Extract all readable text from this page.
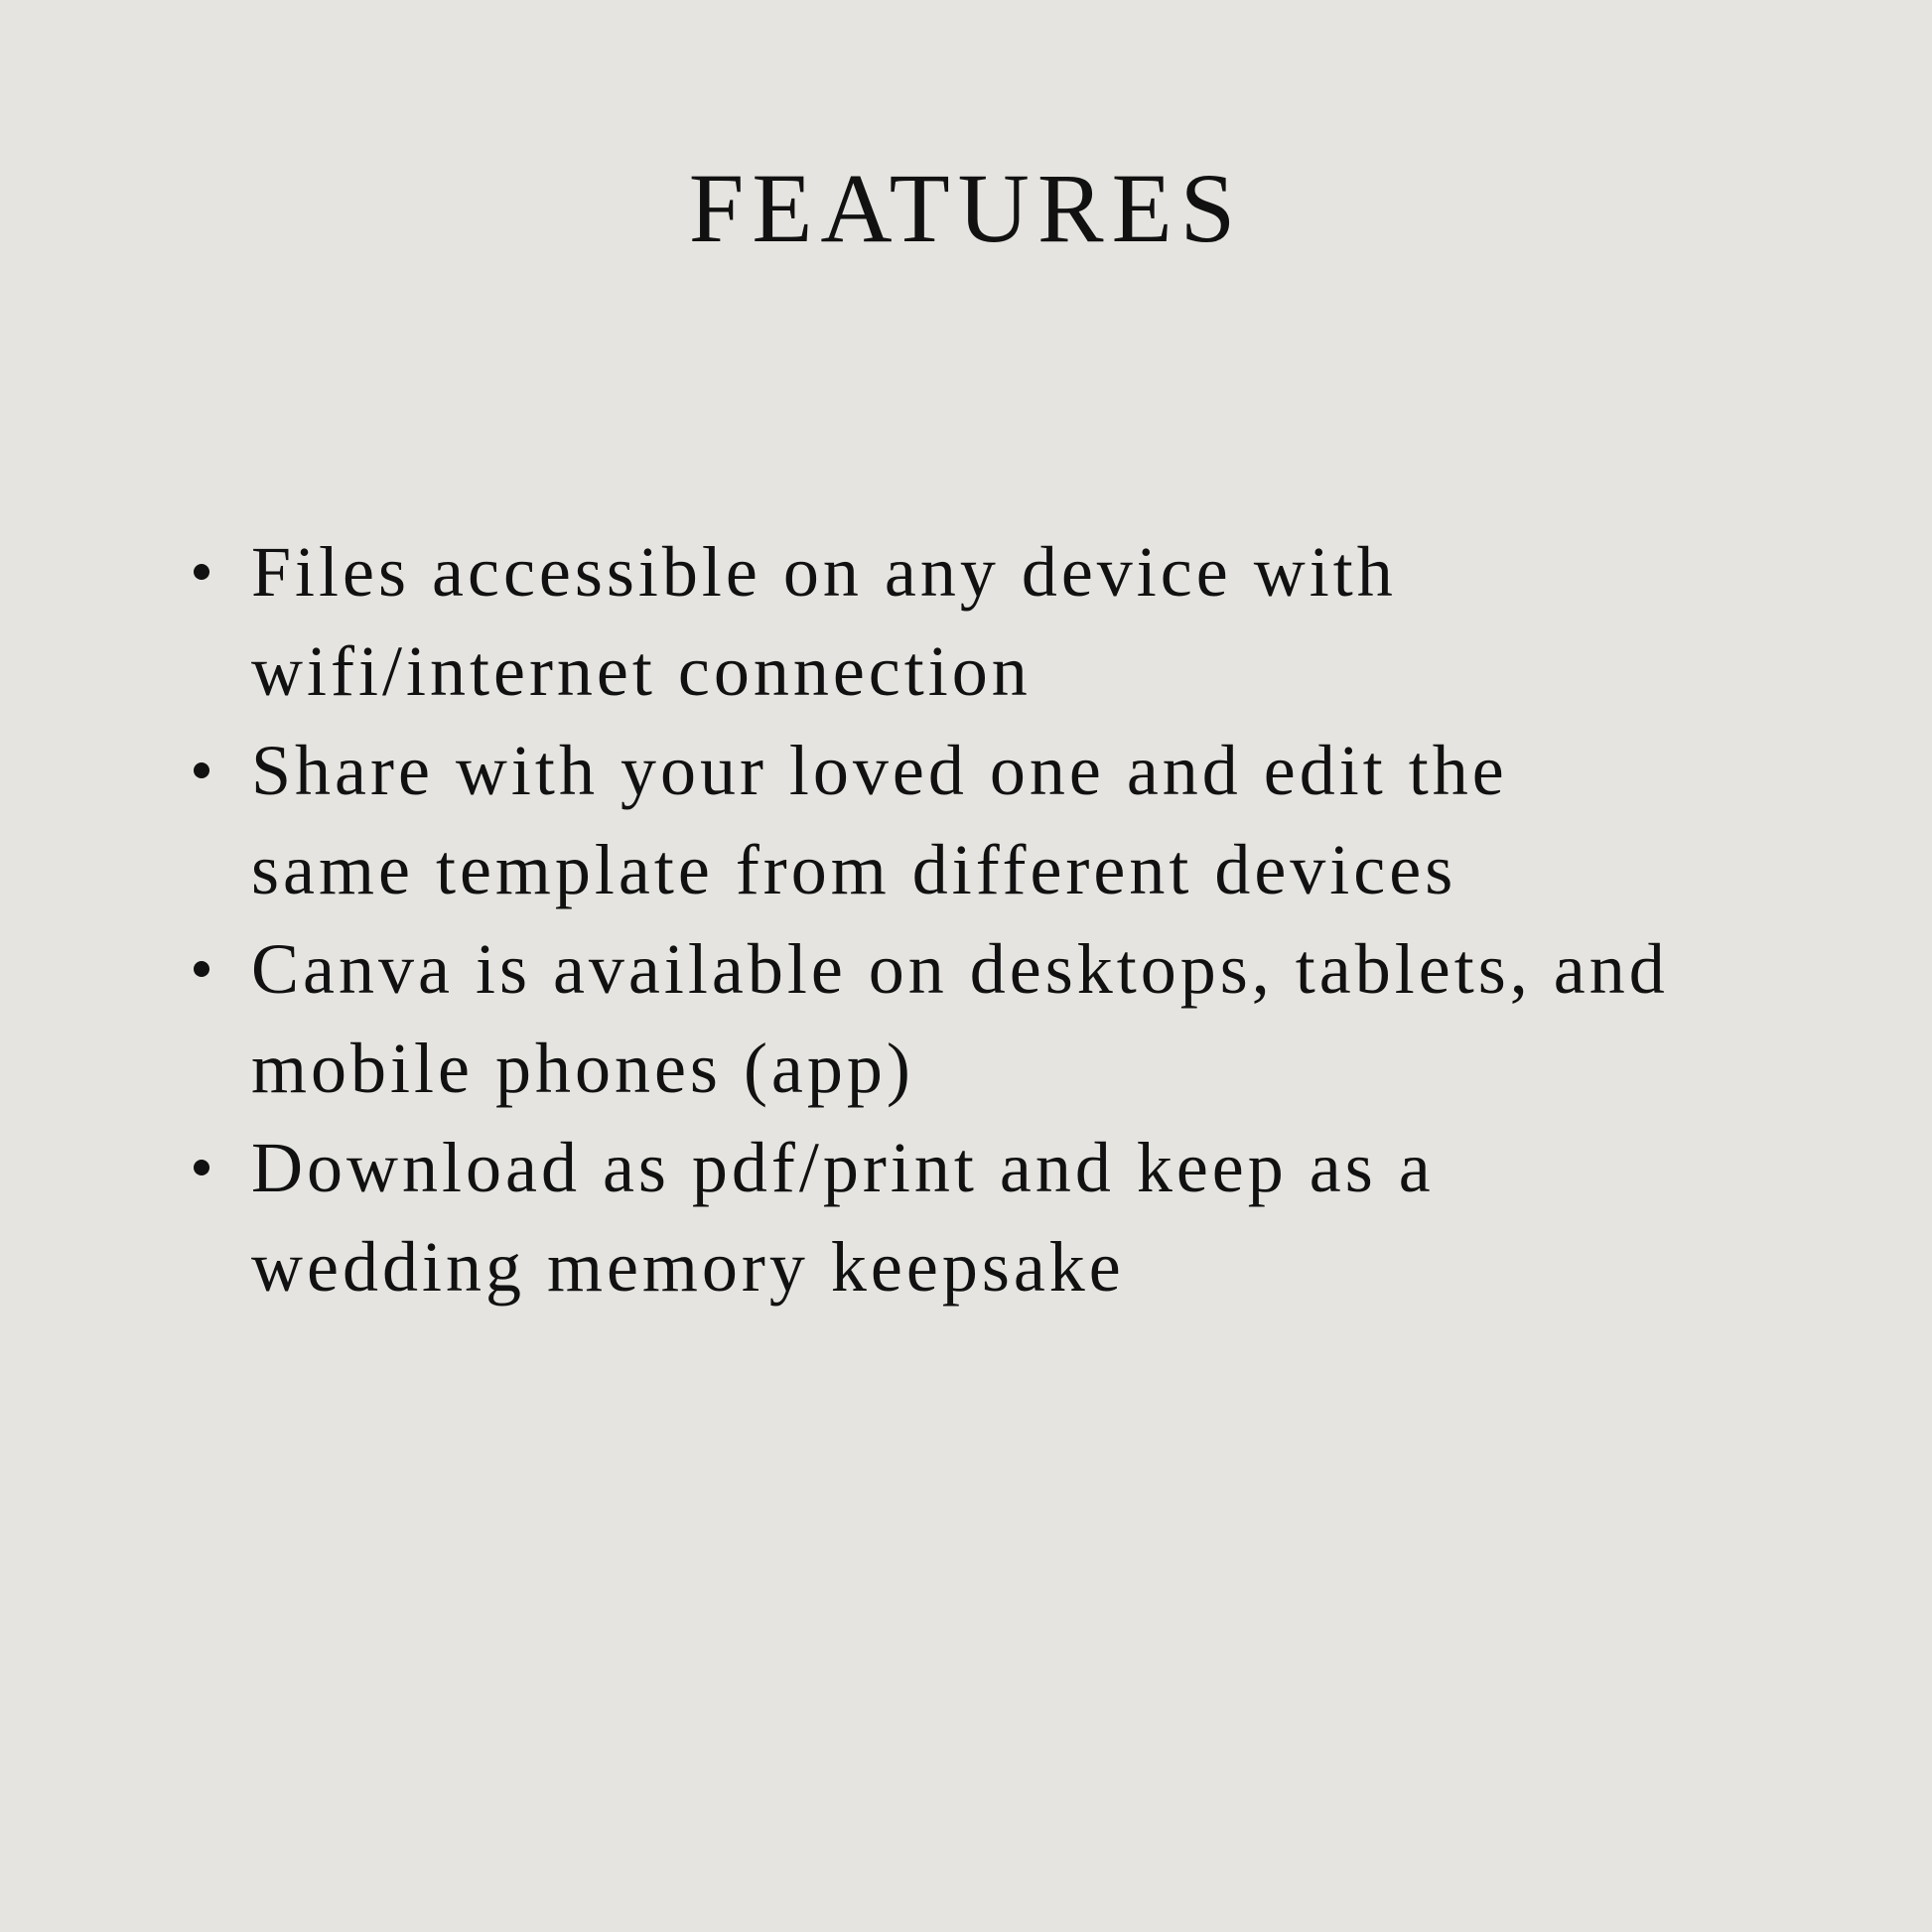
FEATURES
Files accessible on any device with
wifi/internet connection
Share with your loved one and edit the
same template from different devices
Canva is available on desktops, tablets, and
mobile phones (app)
Download as pdf/print and keep as a
wedding memory keepsake
